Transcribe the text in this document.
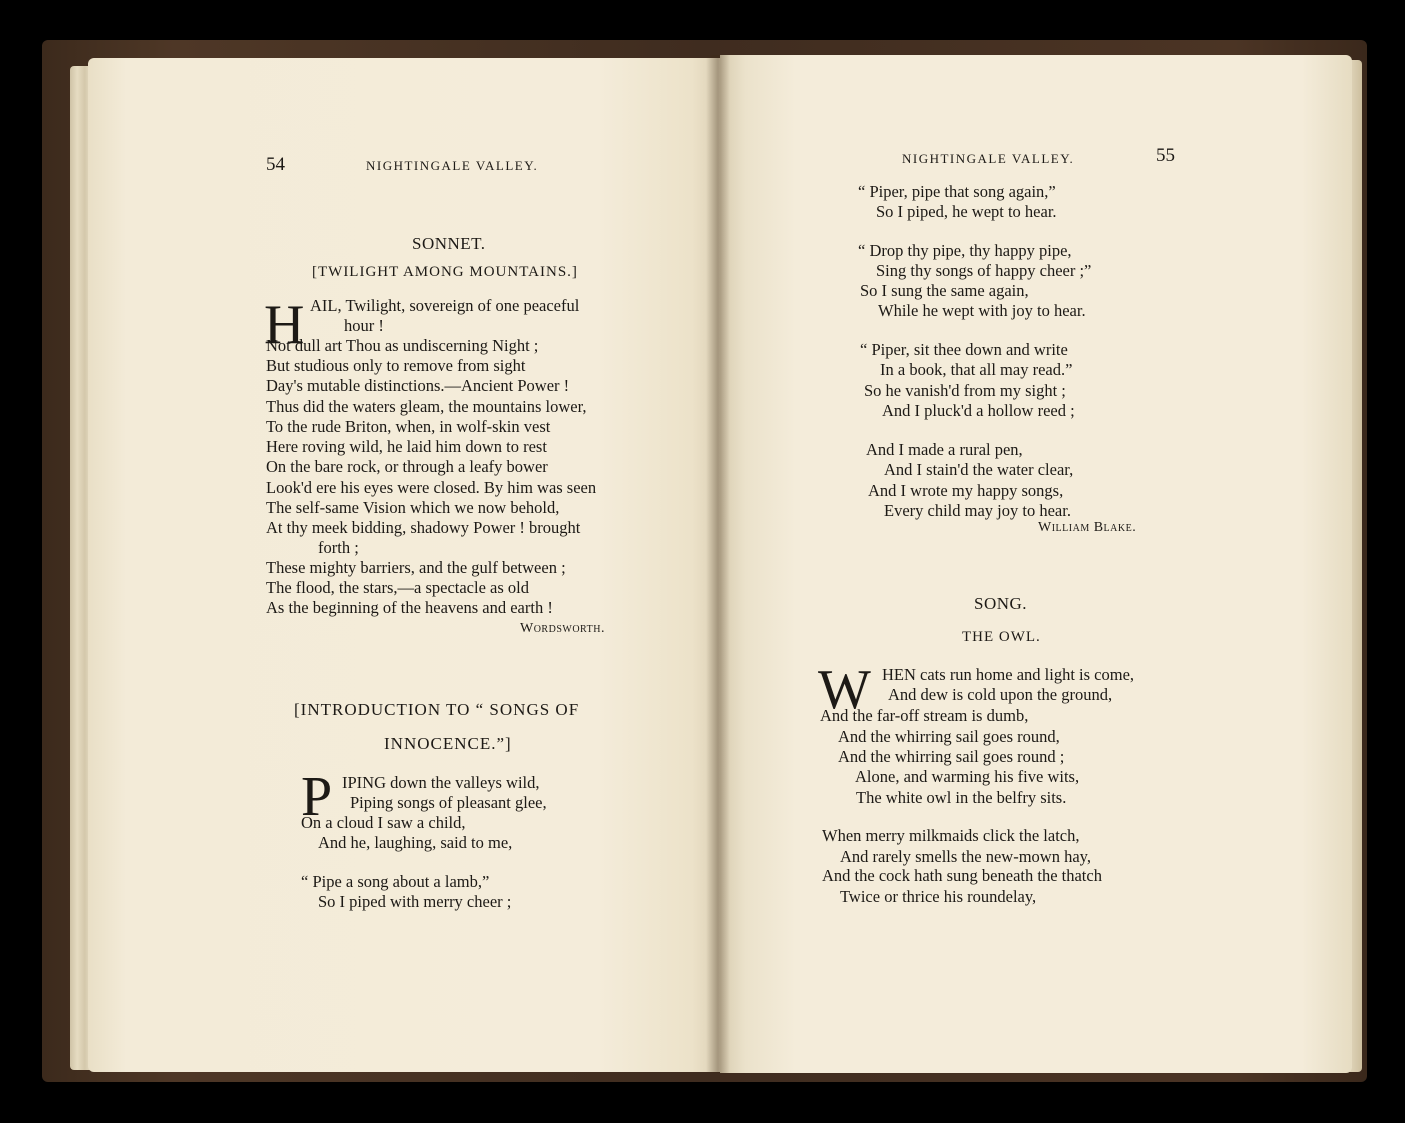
54	NIGHTINGALE VALLEY.
SONNET.
[TWILIGHT AMONG MOUNTAINS.]
H AIL, Twilight, sovereign of one peaceful
hour !
Not dull art Thou as undiscerning Night ;
But studious only to remove from sight
Day's mutable distinctions.—Ancient Power !
Thus did the waters gleam, the mountains lower,
To the rude Briton, when, in wolf-skin vest
Here roving wild, he laid him down to rest
On the bare rock, or through a leafy bower
Look'd ere his eyes were closed. By him was seen
The self-same Vision which we now behold,
At thy meek bidding, shadowy Power ! brought
forth ;
These mighty barriers, and the gulf between ;
The flood, the stars,—a spectacle as old
As the beginning of the heavens and earth !
Wordsworth.
[INTRODUCTION TO “ SONGS OF
INNOCENCE.”]
P IPING down the valleys wild,
Piping songs of pleasant glee,
On a cloud I saw a child,
And he, laughing, said to me,
“ Pipe a song about a lamb,”
So I piped with merry cheer ;
NIGHTINGALE VALLEY.	55
“ Piper, pipe that song again,”
So I piped, he wept to hear.
“ Drop thy pipe, thy happy pipe,
Sing thy songs of happy cheer ;”
So I sung the same again,
While he wept with joy to hear.
“ Piper, sit thee down and write
In a book, that all may read.”
So he vanish'd from my sight ;
And I pluck'd a hollow reed ;
And I made a rural pen,
And I stain'd the water clear,
And I wrote my happy songs,
Every child may joy to hear.
William Blake.
SONG.
THE OWL.
W HEN cats run home and light is come,
And dew is cold upon the ground,
And the far-off stream is dumb,
And the whirring sail goes round,
And the whirring sail goes round ;
Alone, and warming his five wits,
The white owl in the belfry sits.
When merry milkmaids click the latch,
And rarely smells the new-mown hay,
And the cock hath sung beneath the thatch
Twice or thrice his roundelay,
